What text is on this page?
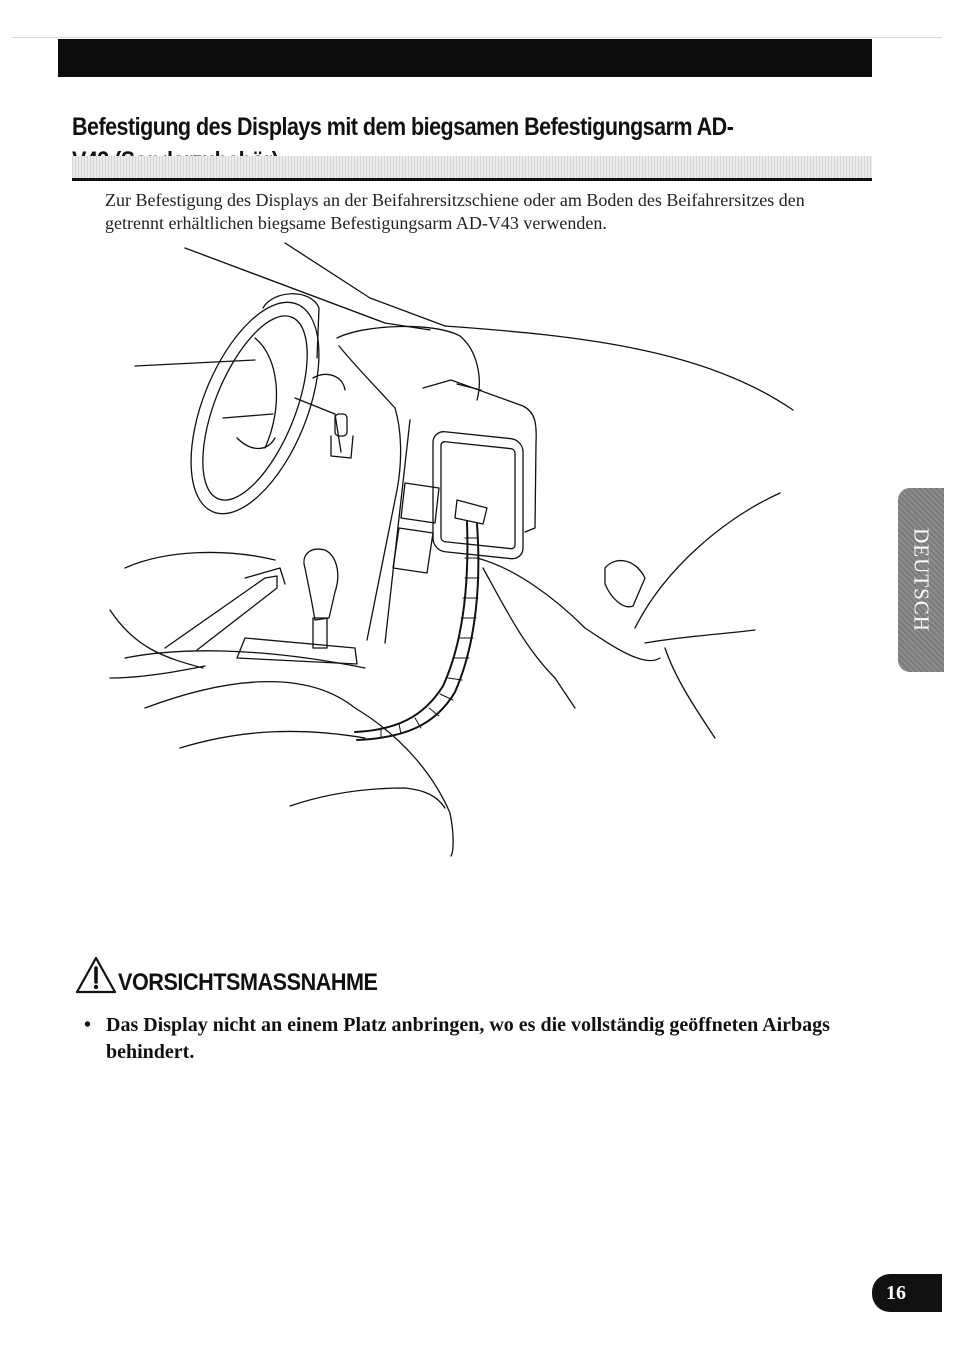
Befestigung des Displays mit dem biegsamen Befestigungsarm AD-

Zur Befestigung des Displays an der Beifahrersitzschiene oder am Boden des Beifahrersitzes den getrennt erhältlichen biegsame Befestigungsarm AD-V43 verwenden.

VORSICHTSMASSNAHME
• Das Display nicht an einem Platz anbringen, wo es die vollständig geöffneten Airbags behindert.
DEUTSCH
16
